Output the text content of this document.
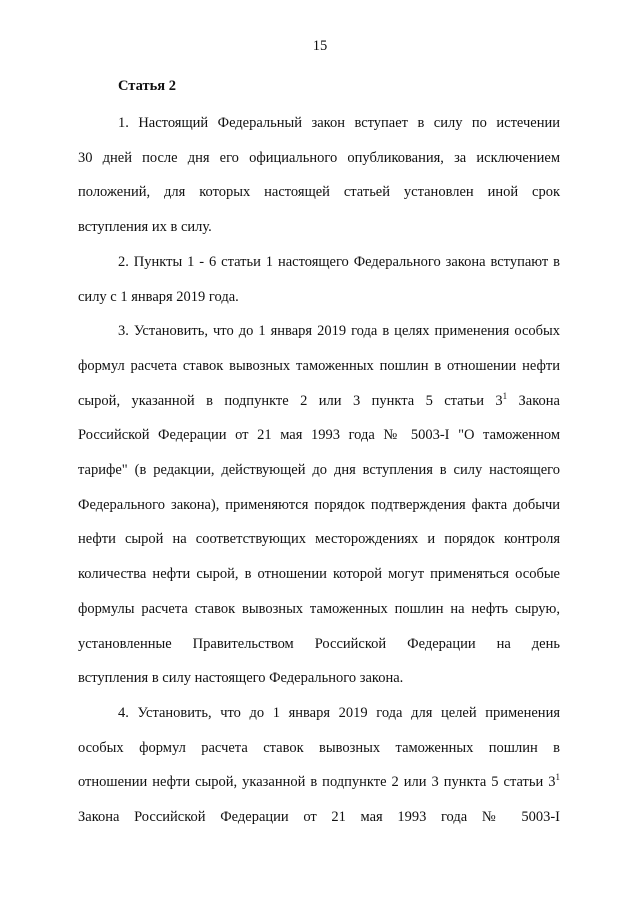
15
Статья 2

1. Настоящий Федеральный закон вступает в силу по истечении
30 дней после дня его официального опубликования, за исключением
положений, для которых настоящей статьей установлен иной срок
вступления их в силу.

2. Пункты 1 - 6 статьи 1 настоящего Федерального закона вступают в
силу с 1 января 2019 года.

3. Установить, что до 1 января 2019 года в целях применения особых
формул расчета ставок вывозных таможенных пошлин в отношении нефти
сырой, указанной в подпункте 2 или 3 пункта 5 статьи $3^1$ Закона
Российской Федерации от 21 мая 1993 года № 5003-I "О таможенном
тарифе" (в редакции, действующей до дня вступления в силу настоящего
Федерального закона), применяются порядок подтверждения факта добычи
нефти сырой на соответствующих месторождениях и порядок контроля
количества нефти сырой, в отношении которой могут применяться особые
формулы расчета ставок вывозных таможенных пошлин на нефть сырую,
установленные Правительством Российской Федерации на день
вступления в силу настоящего Федерального закона.

4. Установить, что до 1 января 2019 года для целей применения
особых формул расчета ставок вывозных таможенных пошлин в
отношении нефти сырой, указанной в подпункте 2 или 3 пункта 5 статьи $3^1$
Закона Российской Федерации от 21 мая 1993 года № 5003-I
